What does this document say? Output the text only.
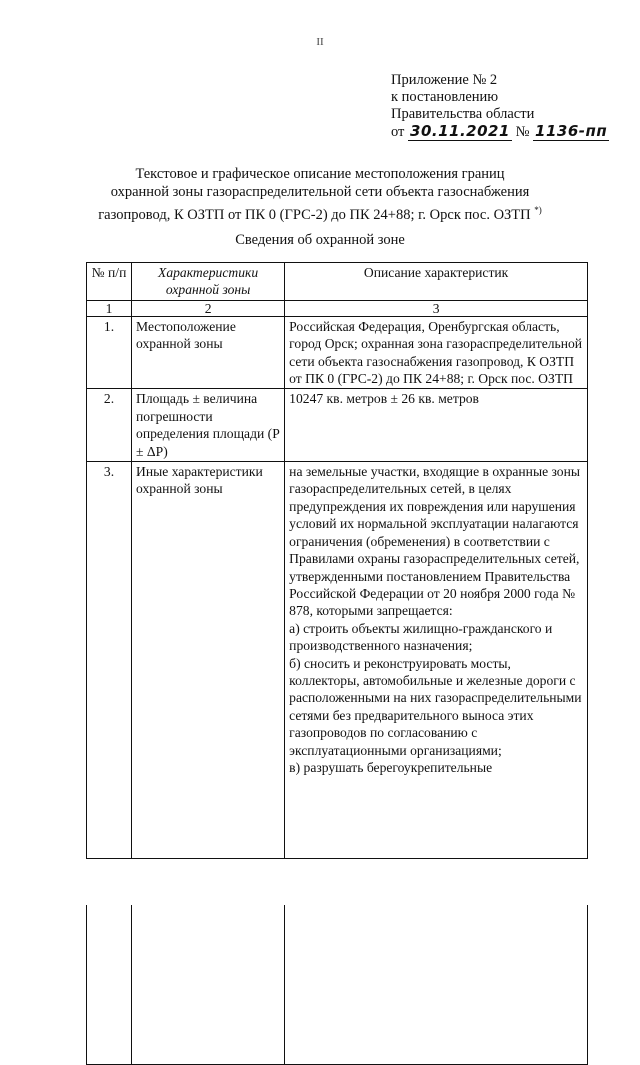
II
Приложение № 2
к постановлению
Правительства области
от 30.11.2021 № 1136-пп
Текстовое и графическое описание местоположения границ
охранной зоны газораспределительной сети объекта газоснабжения
газопровод, К ОЗТП от ПК 0 (ГРС-2) до ПК 24+88; г. Орск пос. ОЗТП *)
Сведения об охранной зоне
№ п/п	Характеристики охранной зоны	Описание характеристик
1	2	3
1.	Местоположение охранной зоны	Российская Федерация, Оренбургская область, город Орск; охранная зона газораспределительной сети объекта газоснабжения газопровод, К ОЗТП от ПК 0 (ГРС-2) до ПК 24+88; г. Орск пос. ОЗТП
2.	Площадь ± величина погрешности определения площади (P ± ΔP)	10247 кв. метров ± 26 кв. метров
3.	Иные характеристики охранной зоны	на земельные участки, входящие в охранные зоны газораспределительных сетей, в целях предупреждения их повреждения или нарушения условий их нормальной эксплуатации налагаются ограничения (обременения) в соответствии с Правилами охраны газораспределительных сетей, утвержденными постановлением Правительства Российской Федерации от 20 ноября 2000 года № 878, которыми запрещается:
а) строить объекты жилищно-гражданского и производственного назначения;
б) сносить и реконструировать мосты, коллекторы, автомобильные и железные дороги с расположенными на них газораспределительными сетями без предварительного выноса этих газопроводов по согласованию с эксплуатационными организациями;
в) разрушать берегоукрепительные
